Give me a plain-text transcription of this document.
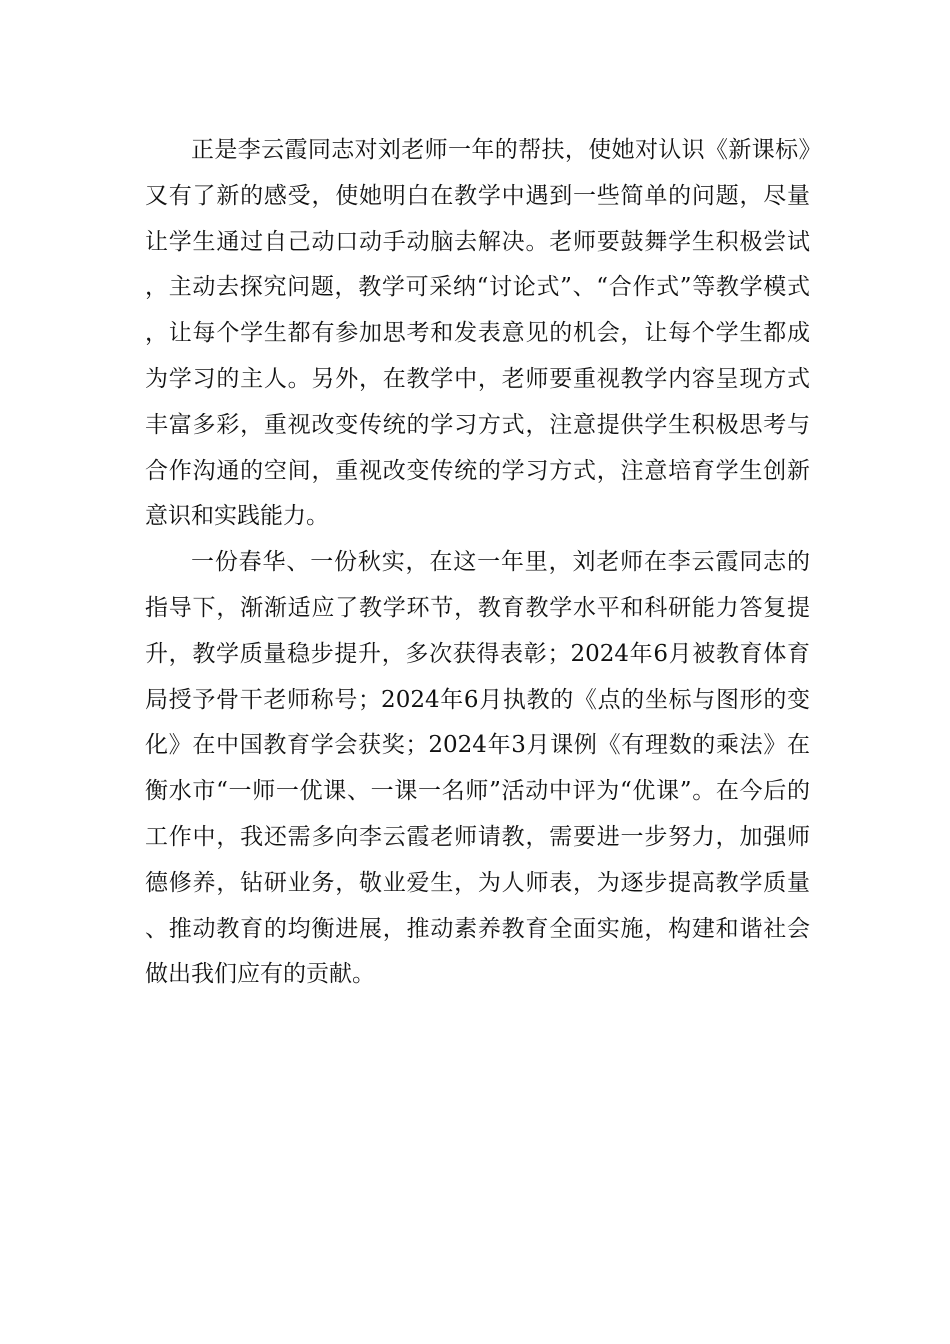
正是李云霞同志对刘老师一年的帮扶，使她对认识《新课标》又有了新的感受，使她明白在教学中遇到一些简单的问题，尽量让学生通过自己动口动手动脑去解决。老师要鼓舞学生积极尝试，主动去探究问题，教学可采纳“讨论式”、“合作式”等教学模式，让每个学生都有参加思考和发表意见的机会，让每个学生都成为学习的主人。另外，在教学中，老师要重视教学内容呈现方式丰富多彩，重视改变传统的学习方式，注意提供学生积极思考与合作沟通的空间，重视改变传统的学习方式，注意培育学生创新意识和实践能力。

一份春华、一份秋实，在这一年里，刘老师在李云霞同志的指导下，渐渐适应了教学环节，教育教学水平和科研能力答复提升，教学质量稳步提升，多次获得表彰；2024年6月被教育体育局授予骨干老师称号；2024年6月执教的《点的坐标与图形的变化》在中国教育学会获奖；2024年3月课例《有理数的乘法》在衡水市“一师一优课、一课一名师”活动中评为“优课”。在今后的工作中，我还需多向李云霞老师请教，需要进一步努力，加强师德修养，钻研业务，敬业爱生，为人师表，为逐步提高教学质量、推动教育的均衡进展，推动素养教育全面实施，构建和谐社会做出我们应有的贡献。
